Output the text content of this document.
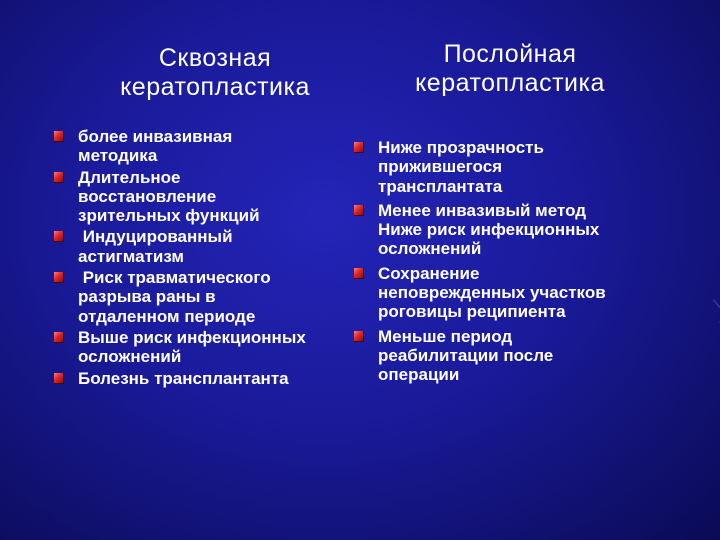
Сквозная
кератопластика
Послойная
кератопластика
более инвазивная
методика
Длительное
восстановление
зрительных функций
Индуцированный
астигматизм
Риск травматического
разрыва раны в
отдаленном периоде
Выше риск инфекционных
осложнений
Болезнь трансплантанта
Ниже прозрачность
прижившегося
трансплантата
Менее инвазивый метод
Ниже риск инфекционных
осложнений
Сохранение
неповрежденных участков
роговицы реципиента
Меньше период
реабилитации после
операции
